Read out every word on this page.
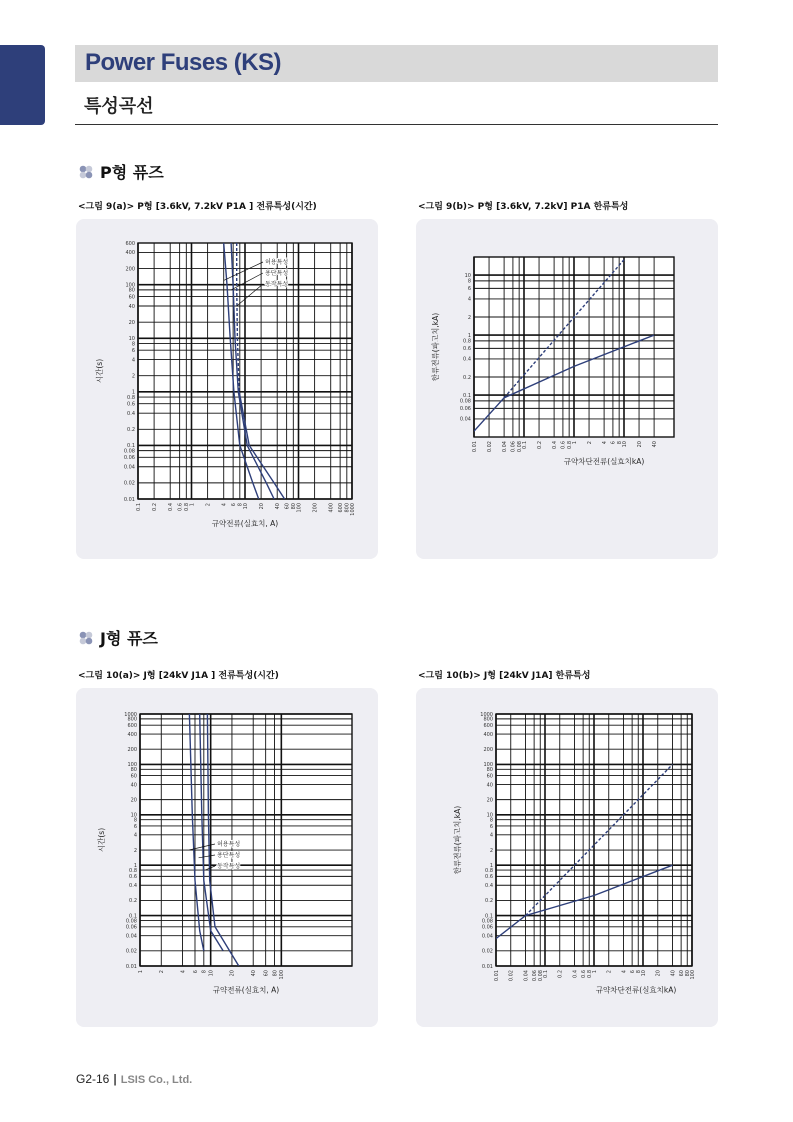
Power Fuses (KS)
특성곡선
P형 퓨즈
<그림 9(a)> P형 [3.6kV, 7.2kV P1A ] 전류특성(시간)	<그림 9(b)> P형 [3.6kV, 7.2kV] P1A 한류특성
0.1 0.2 0.4 0.6 0.8 1 2 4 6 8 10 20 40 60 80 100 200 400 600 800 1000
600
400
200
100
80
60
40
20
10
8
6
4
2
1
0.8
0.6
0.4
0.2
0.1
0.08
0.06
0.04
0.02
0.01
허용특성
용단특성
동작특성
규약전류(실효치, A)
시간(s)
0.01 0.02 0.04 0.06 0.08
0.1 0.2 0.4 0.6 0.8
1 2 4 6 8
10 20 40
10
8
6
4
2
1
0.8
0.6
0.4
0.2
0.1
0.08
0.06
0.04
규약차단전류(실효치kA)
한류전류(파고치,kA)
J형 퓨즈
<그림 10(a)> J형 [24kV J1A ] 전류특성(시간)	<그림 10(b)> J형 [24kV J1A] 한류특성
1	2	4 6 8 10	20	40 60 80 100
1000
800
600
400
200
100
80
60
40
20
10
8
6
4
2
1
0.8
0.6
0.4
0.2
0.1
0.08
0.06
0.04
0.02
0.01
허용특성
용단특성
동작특성
규약전류(실효치, A)
시간(s)
0.01 0.02 0.04 0.06 0.08
0.1 0.2 0.4 0.6 0.8
1 2 4 6 8
10 20 40 60 80
100
1000
800
600
400
200
100
80
60
40
20
10
8
6
4
2
1
0.8
0.6
0.4
0.2
0.1
0.08
0.06
0.04
0.02
0.01
규약차단전류(실효치kA)
한류전류(파고치,kA)
G2-16 | LSIS Co., Ltd.
